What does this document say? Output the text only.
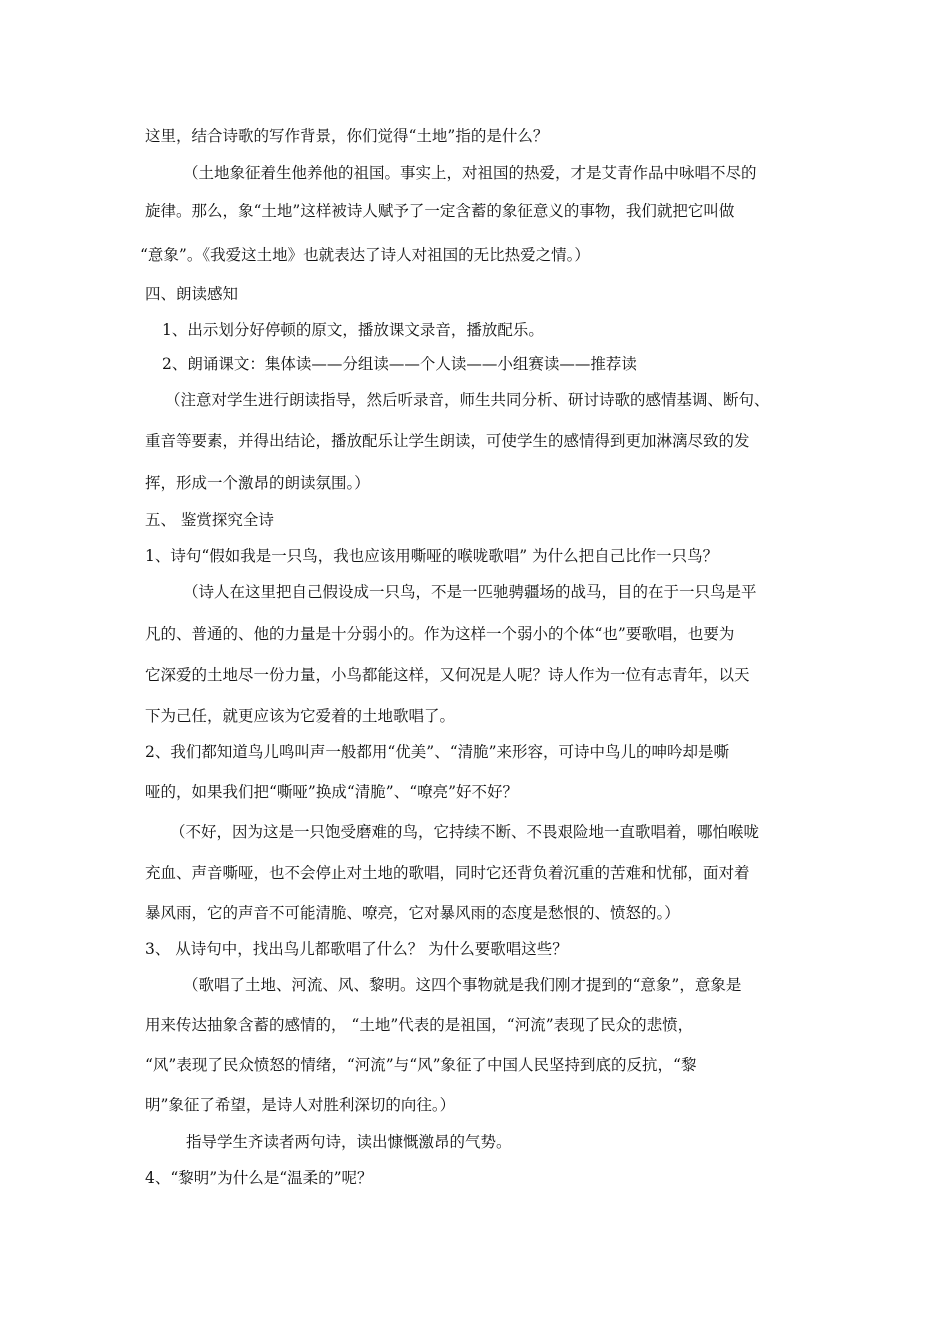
这里，结合诗歌的写作背景，你们觉得“土地”指的是什么？
（土地象征着生他养他的祖国。事实上，对祖国的热爱，才是艾青作品中咏唱不尽的
旋律。那么，象“土地”这样被诗人赋予了一定含蓄的象征意义的事物，我们就把它叫做
“意象”。《我爱这土地》也就表达了诗人对祖国的无比热爱之情。）
四、朗读感知
1、出示划分好停顿的原文，播放课文录音，播放配乐。
2、朗诵课文：集体读——分组读——个人读——小组赛读——推荐读
（注意对学生进行朗读指导，然后听录音，师生共同分析、研讨诗歌的感情基调、断句、
重音等要素，并得出结论，播放配乐让学生朗读，可使学生的感情得到更加淋漓尽致的发
挥，形成一个激昂的朗读氛围。）
五、 鉴赏探究全诗
1、诗句“假如我是一只鸟，我也应该用嘶哑的喉咙歌唱” 为什么把自己比作一只鸟？
（诗人在这里把自己假设成一只鸟，不是一匹驰骋疆场的战马，目的在于一只鸟是平
凡的、普通的、他的力量是十分弱小的。作为这样一个弱小的个体“也”要歌唱，也要为
它深爱的土地尽一份力量，小鸟都能这样，又何况是人呢？诗人作为一位有志青年，以天
下为己任，就更应该为它爱着的土地歌唱了。
2、我们都知道鸟儿鸣叫声一般都用“优美”、“清脆”来形容，可诗中鸟儿的呻吟却是嘶
哑的，如果我们把“嘶哑”换成“清脆”、“嘹亮”好不好？
（不好，因为这是一只饱受磨难的鸟，它持续不断、不畏艰险地一直歌唱着，哪怕喉咙
充血、声音嘶哑，也不会停止对土地的歌唱，同时它还背负着沉重的苦难和忧郁，面对着
暴风雨，它的声音不可能清脆、嘹亮，它对暴风雨的态度是愁恨的、愤怒的。）
3、 从诗句中，找出鸟儿都歌唱了什么？ 为什么要歌唱这些？
（歌唱了土地、河流、风、黎明。这四个事物就是我们刚才提到的“意象”，意象是
用来传达抽象含蓄的感情的， “土地”代表的是祖国，“河流”表现了民众的悲愤，
“风”表现了民众愤怒的情绪，“河流”与“风”象征了中国人民坚持到底的反抗，“黎
明”象征了希望，是诗人对胜利深切的向往。）
指导学生齐读者两句诗，读出慷慨激昂的气势。
4、“黎明”为什么是“温柔的”呢？
